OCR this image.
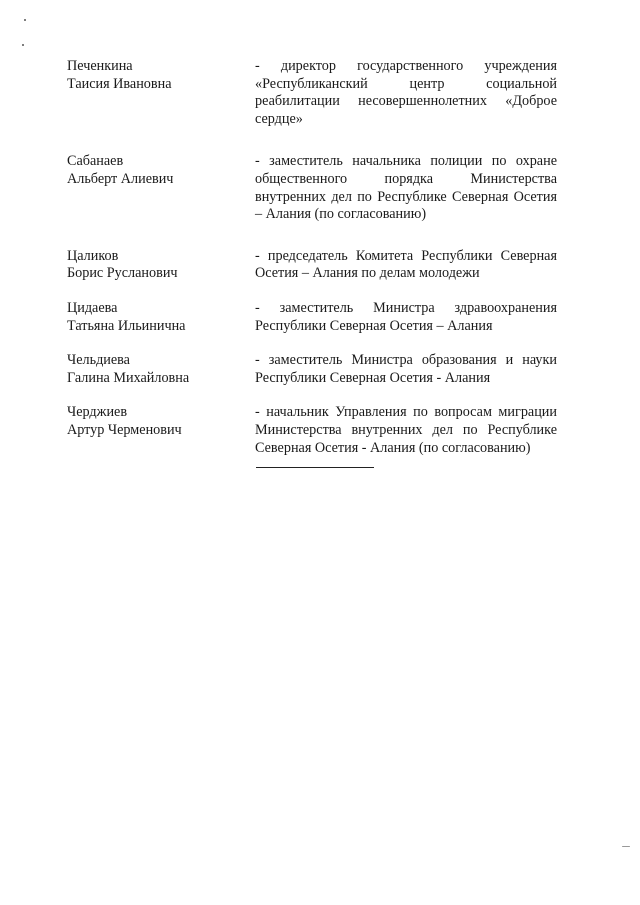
Печенкина
Таисия Ивановна
- директор государственного учреждения «Республиканский центр социальной реабилитации несовершеннолетних «Доброе сердце»
Сабанаев
Альберт Алиевич
- заместитель начальника полиции по охране общественного порядка Министерства внутренних дел по Республике Северная Осетия – Алания (по согласованию)
Цаликов
Борис Русланович
- председатель Комитета Республики Северная Осетия – Алания по делам молодежи
Цидаева
Татьяна Ильинична
- заместитель Министра здравоохранения Республики Северная Осетия – Алания
Чельдиева
Галина Михайловна
- заместитель Министра образования и науки Республики Северная Осетия - Алания
Черджиев
Артур Черменович
- начальник Управления по вопросам миграции Министерства внутренних дел по Республике Северная Осетия - Алания (по согласованию)
